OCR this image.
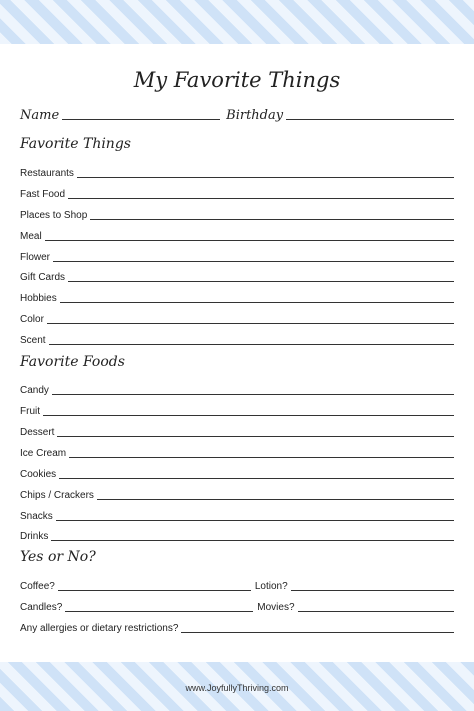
My Favorite Things
Name	Birthday
Favorite Things
Restaurants
Fast Food
Places to Shop
Meal
Flower
Gift Cards
Hobbies
Color
Scent
Favorite Foods
Candy
Fruit
Dessert
Ice Cream
Cookies
Chips / Crackers
Snacks
Drinks
Yes or No?
Coffee?	Lotion?
Candles?	Movies?
Any allergies or dietary restrictions?
www.JoyfullyThriving.com
